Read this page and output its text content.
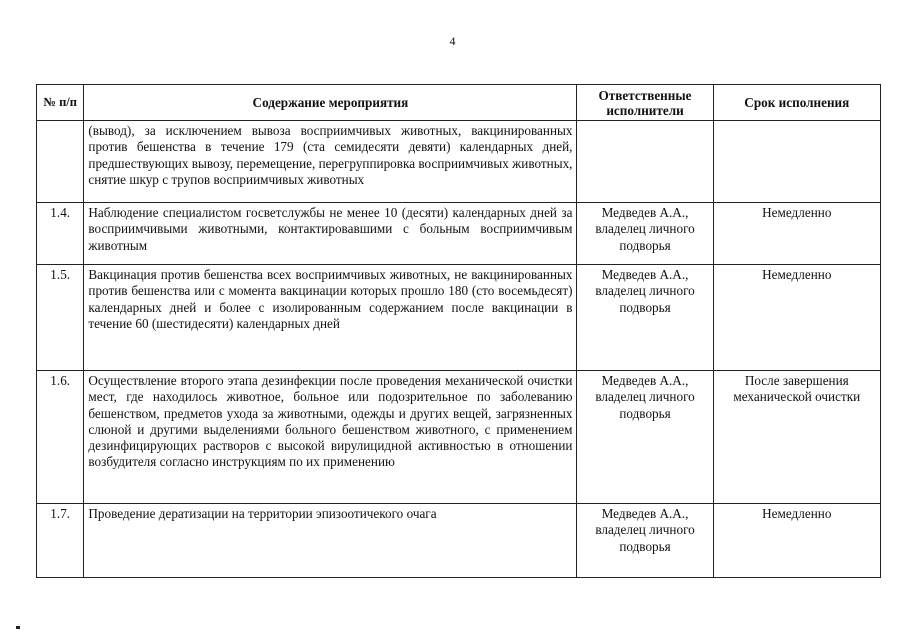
4
№ п/п	Содержание мероприятия	Ответственные исполнители	Срок исполнения
	(вывод), за исключением вывоза восприимчивых животных, вакцинированных против бешенства в течение 179 (ста семидесяти девяти) календарных дней, предшествующих вывозу, перемещение, перегруппировка восприимчивых животных, снятие шкур с трупов восприимчивых животных		
1.4.	Наблюдение специалистом госветслужбы не менее 10 (десяти) календарных дней за восприимчивыми животными, контактировавшими с больным восприимчивым животным	Медведев А.А., владелец личного подворья	Немедленно
1.5.	Вакцинация против бешенства всех восприимчивых животных, не вакцинированных против бешенства или с момента вакцинации которых прошло 180 (сто восемьдесят) календарных дней и более с изолированным содержанием после вакцинации в течение 60 (шестидесяти) календарных дней	Медведев А.А., владелец личного подворья	Немедленно
1.6.	Осуществление второго этапа дезинфекции после проведения механической очистки мест, где находилось животное, больное или подозрительное по заболеванию бешенством, предметов ухода за животными, одежды и других вещей, загрязненных слюной и другими выделениями больного бешенством животного, с применением дезинфицирующих растворов с высокой вирулицидной активностью в отношении возбудителя согласно инструкциям по их применению	Медведев А.А., владелец личного подворья	После завершения механической очистки
1.7.	Проведение дератизации на территории эпизоотичекого очага	Медведев А.А., владелец личного подворья	Немедленно
